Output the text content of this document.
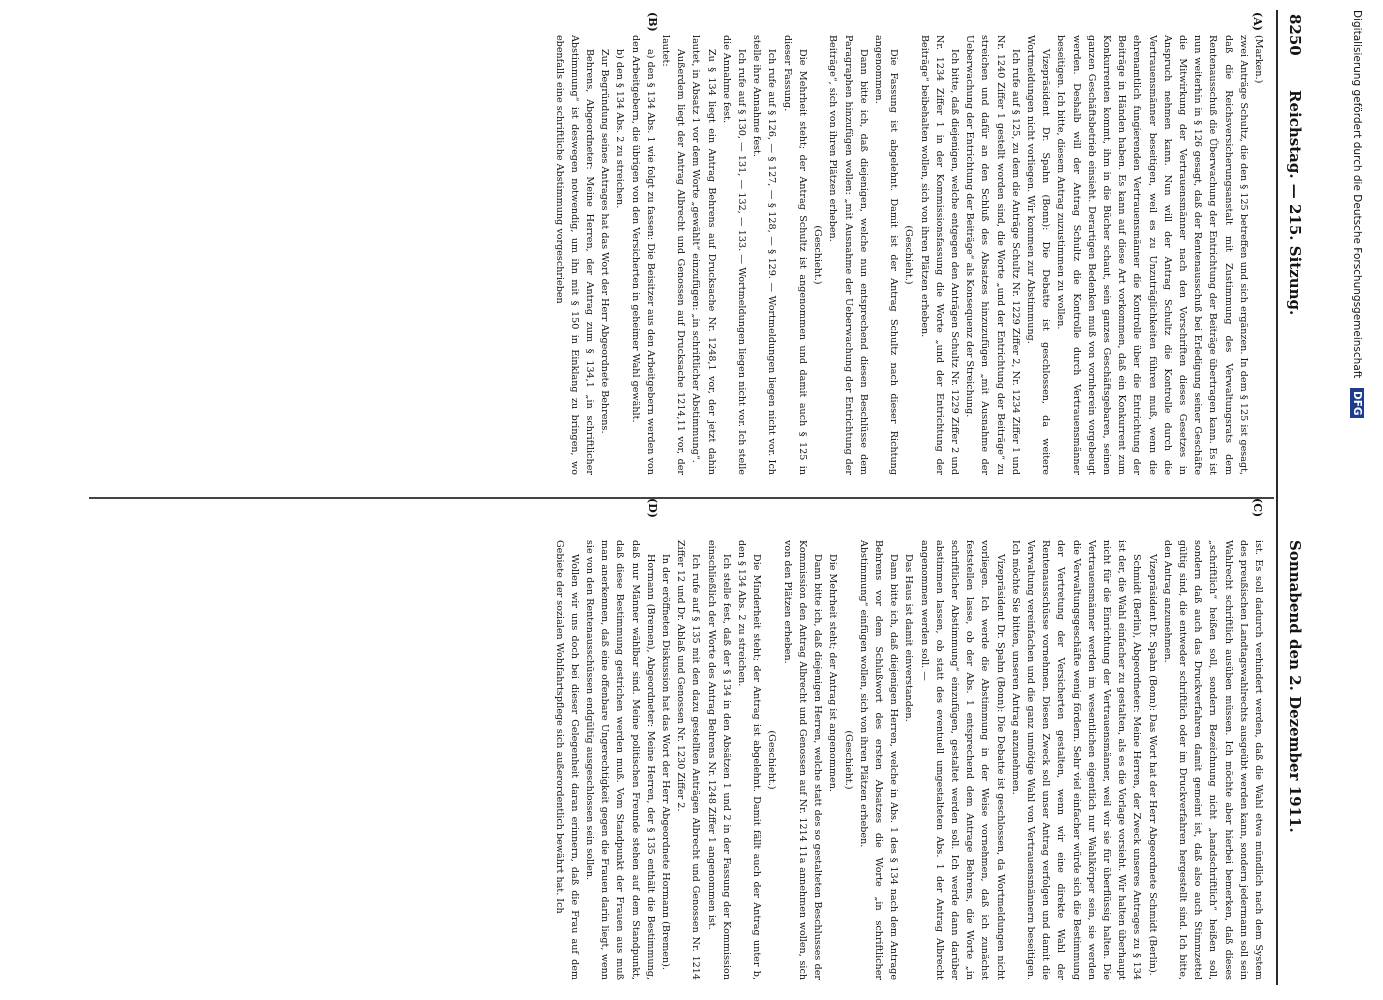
8250
Reichstag. — 215. Sitzung.
Sonnabend den 2. Dezember 1911.
(A)
(B)
(C)
(D)

(Marken.)

zwei Anträge Schultz, die den § 125 betreffen und sich ergänzen. In dem § 125 ist gesagt, daß die Reichsversicherungsanstalt mit Zustimmung des Verwaltungsrats dem Rentenausschuß die Überwachung der Entrichtung der Beiträge übertragen kann. Es ist nun weiterhin in § 126 gesagt, daß der Rentenausschuß bei Erledigung seiner Geschäfte die Mitwirkung der Vertrauensmänner nach den Vorschriften dieses Gesetzes in Anspruch nehmen kann. Nun will der Antrag Schultz die Kontrolle durch die Vertrauensmänner beseitigen, weil es zu Unzuträglichkeiten führen muß, wenn die ehrenamtlich fungierenden Vertrauensmänner die Kontrolle über die Entrichtung der Beiträge in Händen haben. Es kann auf diese Art vorkommen, daß ein Konkurrent zum Konkurrenten kommt, ihm in die Bücher schaut, sein ganzes Geschäftsgebaren, seinen ganzen Geschäftsbetrieb einsieht. Derartigen Bedenken muß von vornherein vorgebeugt werden. Deshalb will der Antrag Schultz die Kontrolle durch Vertrauensmänner beseitigen. Ich bitte, diesem Antrag zuzustimmen zu wollen.

Vizepräsident Dr. Spahn (Bonn): Die Debatte ist geschlossen, da weitere Wortmeldungen nicht vorliegen. Wir kommen zur Abstimmung.

Ich rufe auf § 125, zu dem die Anträge Schultz Nr. 1229 Ziffer 2, Nr. 1234 Ziffer 1 und Nr. 1240 Ziffer 1 gestellt worden sind, die Worte „und der Entrichtung der Beiträge“ zu streichen und dafür an den Schluß des Absatzes hinzuzufügen „mit Ausnahme der Ueberwachung der Entrichtung der Beiträge“ als Konsequenz der Streichung.

Ich bitte, daß diejenigen, welche entgegen den Anträgen Schultz Nr. 1229 Ziffer 2 und Nr. 1234 Ziffer 1 in der Kommissionsfassung die Worte „und der Entrichtung der Beiträge“ beibehalten wollen, sich von ihren Plätzen erheben.

(Geschieht.)

Die Fassung ist abgelehnt. Damit ist der Antrag Schultz nach dieser Richtung angenommen.

Dann bitte ich, daß diejenigen, welche nun entsprechend diesen Beschlüsse dem Paragraphen hinzufügen wollen: „mit Ausnahme der Ueberwachung der Entrichtung der Beiträge“, sich von ihren Plätzen erheben.

(Geschieht.)

Die Mehrheit steht; der Antrag Schultz ist angenommen und damit auch § 125 in dieser Fassung.

Ich rufe auf § 126, — § 127, — § 128, — § 129. — Wortmeldungen liegen nicht vor. Ich stelle ihre Annahme fest.

Ich rufe auf § 130, — 131, — 132, — 133. — Wortmeldungen liegen nicht vor. Ich stelle die Annahme fest.

Zu § 134 liegt ein Antrag Behrens auf Drucksache Nr. 1248,1 vor, der jetzt dahin lautet, in Absatz 1 vor dem Worte „gewählt“ einzufügen: „in schriftlicher Abstimmung“.

Außerdem liegt der Antrag Albrecht und Genossen auf Drucksache 1214,11 vor, der lautet:

a) den § 134 Abs. 1 wie folgt zu fassen: Die Beisitzer aus den Arbeitgebern werden von den Arbeitgebern, die übrigen von den Versicherten in geheimer Wahl gewählt.

b) den § 134 Abs. 2 zu streichen.

Zur Begründung seines Antrages hat das Wort der Herr Abgeordnete Behrens.

Behrens, Abgeordneter: Meine Herren, der Antrag zum § 134,1 „in schriftlicher Abstimmung“ ist deswegen notwendig, um ihn mit § 150 in Einklang zu bringen, wo ebenfalls eine schriftliche Abstimmung vorgeschrieben

ist. Es soll dadurch verhindert werden, daß die Wahl etwa mündlich nach dem System des preußischen Landtagswahlrechts ausgeübt werden kann, sondern jedermann soll sein Wahlrecht schriftlich ausüben müssen. Ich möchte aber hierbei bemerken, daß dieses „schriftlich“ heißen soll, sondern Bezeichnung nicht „handschriftlich“ heißen soll, sondern daß auch das Druckverfahren damit gemeint ist, daß also auch Stimmzettel gültig sind, die entweder schriftlich oder im Druckverfahren hergestellt sind. Ich bitte, den Antrag anzunehmen.

Vizepräsident Dr. Spahn (Bonn): Das Wort hat der Herr Abgeordnete Schmidt (Berlin).

Schmidt (Berlin), Abgeordneter: Meine Herren, der Zweck unseres Antrages zu § 134 ist der, die Wahl einfacher zu gestalten, als es die Vorlage vorsieht. Wir halten überhaupt nicht für die Einrichtung der Vertrauensmänner, weil wir sie für überflüssig halten. Die Vertrauensmänner werden im wesentlichen eigentlich nur Wahlkörper sein, sie werden die Verwaltungsgeschäfte wenig fördern. Sehr viel einfacher würde sich die Bestimmung der Vertretung der Versicherten gestalten, wenn wir eine direkte Wahl der Rentenausschüsse vornehmen. Diesen Zweck soll unser Antrag verfolgen und damit die Verwaltung vereinfachen und die ganz unnötige Wahl von Vertrauensmännern beseitigen. Ich möchte Sie bitten, unseren Antrag anzunehmen.

Vizepräsident Dr. Spahn (Bonn): Die Debatte ist geschlossen, da Wortmeldungen nicht vorliegen. Ich werde die Abstimmung in der Weise vornehmen, daß ich zunächst feststellen lasse, ob der Abs. 1 entsprechend dem Antrage Behrens, die Worte „in schriftlicher Abstimmung“ einzufügen, gestaltet werden soll. Ich werde dann darüber abstimmen lassen, ob statt des eventuell umgestalteten Abs. 1 der Antrag Albrecht angenommen werden soll. —

Das Haus ist damit einverstanden.

Dann bitte ich, daß diejenigen Herren, welche in Abs. 1 des § 134 nach dem Antrage Behrens vor dem Schlußwort des ersten Absatzes die Worte „in schriftlicher Abstimmung“ einfügen wollen, sich von ihren Plätzen erheben.

(Geschieht.)

Die Mehrheit steht; der Antrag ist angenommen.

Dann bitte ich, daß diejenigen Herren, welche statt des so gestalteten Beschlusses der Kommission den Antrag Albrecht und Genossen auf Nr. 1214 11a annehmen wollen, sich von den Plätzen erheben.

(Geschieht.)

Die Minderheit steht; der Antrag ist abgelehnt. Damit fällt auch der Antrag unter b, den § 134 Abs. 2 zu streichen.

Ich stelle fest, daß der § 134 in den Absätzen 1 und 2 in der Fassung der Kommission einschließlich der Worte des Antrag Behrens Nr. 1248 Ziffer 1 angenommen ist.

Ich rufe auf § 135 mit den dazu gestellten Anträgen Albrecht und Genossen Nr. 1214 Ziffer 12 und Dr. Ablaß und Genossen Nr. 1230 Ziffer 2.

In der eröffneten Diskussion hat das Wort der Herr Abgeordnete Hormann (Bremen).

Hormann (Bremen), Abgeordneter: Meine Herren, der § 135 enthält die Bestimmung, daß nur Männer wählbar sind. Meine politischen Freunde stehen auf dem Standpunkt, daß diese Bestimmung gestrichen werden muß. Vom Standpunkt der Frauen aus muß man anerkennen, daß eine offenbare Ungerechtigkeit gegen die Frauen darin liegt, wenn sie von den Rentenausschüssen endgültig ausgeschlossen sein sollen.

Wollen wir uns doch bei dieser Gelegenheit daran erinnern, daß die Frau auf dem Gebiete der sozialen Wohlfahrtspflege sich außerordentlich bewährt hat. Ich

Digitalisierung gefördert durch die Deutsche Forschungsgemeinschaft DFG
